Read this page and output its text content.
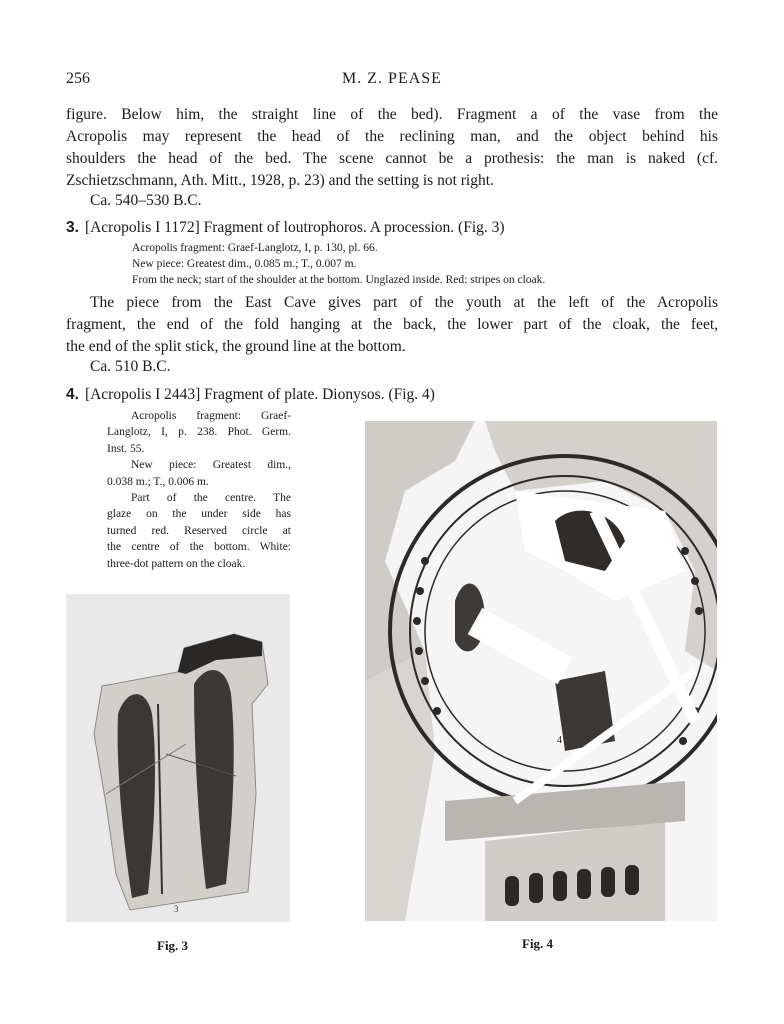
256	M. Z. PEASE

figure. Below him, the straight line of the bed). Fragment a of the vase from the
Acropolis may represent the head of the reclining man, and the object behind his
shoulders the head of the bed. The scene cannot be a prothesis: the man is naked (cf.
Zschietzschmann, Ath. Mitt., 1928, p. 23) and the setting is not right.

Ca. 540–530 B.C.
3. [Acropolis I 1172] Fragment of loutrophoros. A procession. (Fig. 3)
Acropolis fragment: Graef-Langlotz, I, p. 130, pl. 66.
New piece: Greatest dim., 0.085 m.; T., 0.007 m.
From the neck; start of the shoulder at the bottom. Unglazed inside. Red: stripes on cloak.

The piece from the East Cave gives part of the youth at the left of the Acropolis
fragment, the end of the fold hanging at the back, the lower part of the cloak, the feet,
the end of the split stick, the ground line at the bottom.

Ca. 510 B.C.
4. [Acropolis I 2443] Fragment of plate. Dionysos. (Fig. 4)
Acropolis fragment: Graef-
Langlotz, I, p. 238. Phot. Germ.
Inst. 55.
New piece: Greatest dim.,
0.038 m.; T., 0.006 m.
Part of the centre. The
glaze on the under side has
turned red. Reserved circle at
the centre of the bottom. White:
three-dot pattern on the cloak.
3
4
Fig. 3	Fig. 4
